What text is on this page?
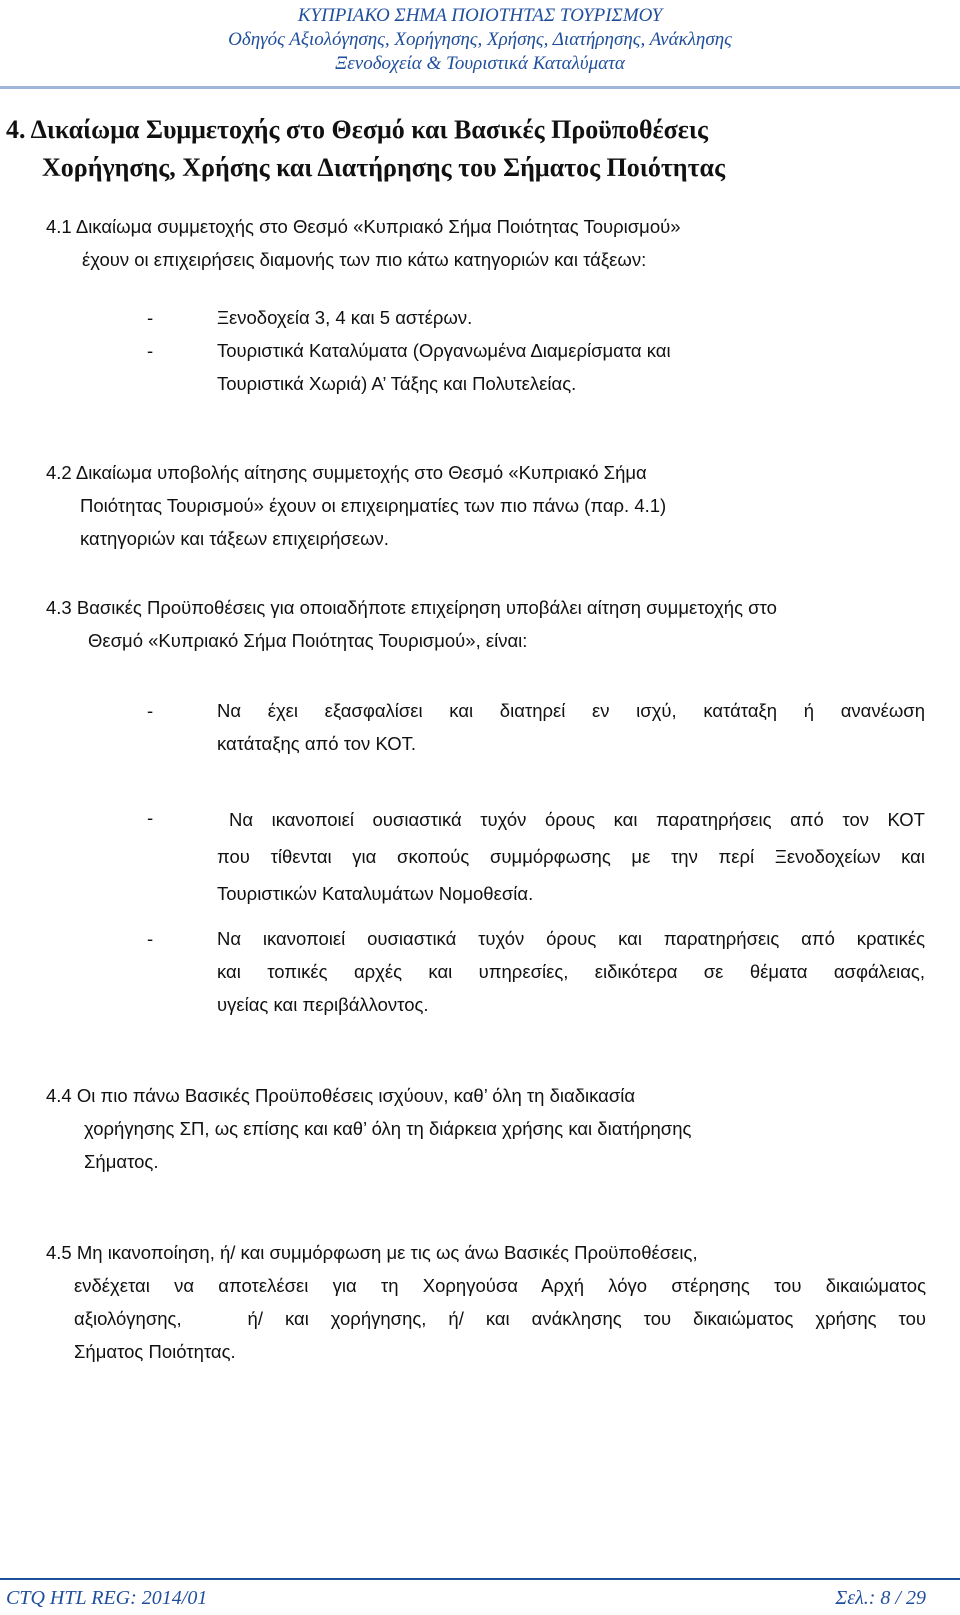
ΚΥΠΡΙΑΚΟ ΣΗΜΑ ΠΟΙΟΤΗΤΑΣ ΤΟΥΡΙΣΜΟΥ
Οδηγός Αξιολόγησης, Χορήγησης, Χρήσης, Διατήρησης, Ανάκλησης
Ξενοδοχεία & Τουριστικά Καταλύματα
4. Δικαίωμα Συμμετοχής στο Θεσμό και Βασικές Προϋποθέσεις
Χορήγησης, Χρήσης και Διατήρησης του Σήματος Ποιότητας
4.1 Δικαίωμα συμμετοχής στο Θεσμό «Κυπριακό Σήμα Ποιότητας Τουρισμού»
έχουν οι επιχειρήσεις διαμονής των πιο κάτω κατηγοριών και τάξεων:
-	Ξενοδοχεία 3, 4 και 5 αστέρων.
-	Τουριστικά Καταλύματα (Οργανωμένα Διαμερίσματα και
Τουριστικά Χωριά) Α’ Τάξης και Πολυτελείας.
4.2 Δικαίωμα υποβολής αίτησης συμμετοχής στο Θεσμό «Κυπριακό Σήμα
Ποιότητας Τουρισμού» έχουν οι επιχειρηματίες των πιο πάνω (παρ. 4.1)
κατηγοριών και τάξεων επιχειρήσεων.
4.3 Βασικές Προϋποθέσεις για οποιαδήποτε επιχείρηση υποβάλει αίτηση συμμετοχής στο
Θεσμό «Κυπριακό Σήμα Ποιότητας Τουρισμού», είναι:
-	Να έχει εξασφαλίσει και διατηρεί εν ισχύ, κατάταξη ή ανανέωση
κατάταξης από τον ΚΟΤ.
-	Να ικανοποιεί ουσιαστικά τυχόν όρους και παρατηρήσεις από τον ΚΟΤ
που τίθενται για σκοπούς συμμόρφωσης με την περί Ξενοδοχείων και
Τουριστικών Καταλυμάτων Νομοθεσία.
-	Να ικανοποιεί ουσιαστικά τυχόν όρους και παρατηρήσεις από κρατικές
και τοπικές αρχές και υπηρεσίες, ειδικότερα σε θέματα ασφάλειας,
υγείας και περιβάλλοντος.
4.4 Οι πιο πάνω Βασικές Προϋποθέσεις ισχύουν, καθ’ όλη τη διαδικασία
χορήγησης ΣΠ, ως επίσης και καθ’ όλη τη διάρκεια χρήσης και διατήρησης
Σήματος.
4.5 Μη ικανοποίηση, ή/ και συμμόρφωση με τις ως άνω Βασικές Προϋποθέσεις,
ενδέχεται να αποτελέσει για τη Χορηγούσα Αρχή λόγο στέρησης του δικαιώματος
αξιολόγησης,   ή/ και χορήγησης, ή/ και ανάκλησης του δικαιώματος χρήσης του
Σήματος Ποιότητας.
CTQ HTL REG: 2014/01	Σελ.: 8 / 29
